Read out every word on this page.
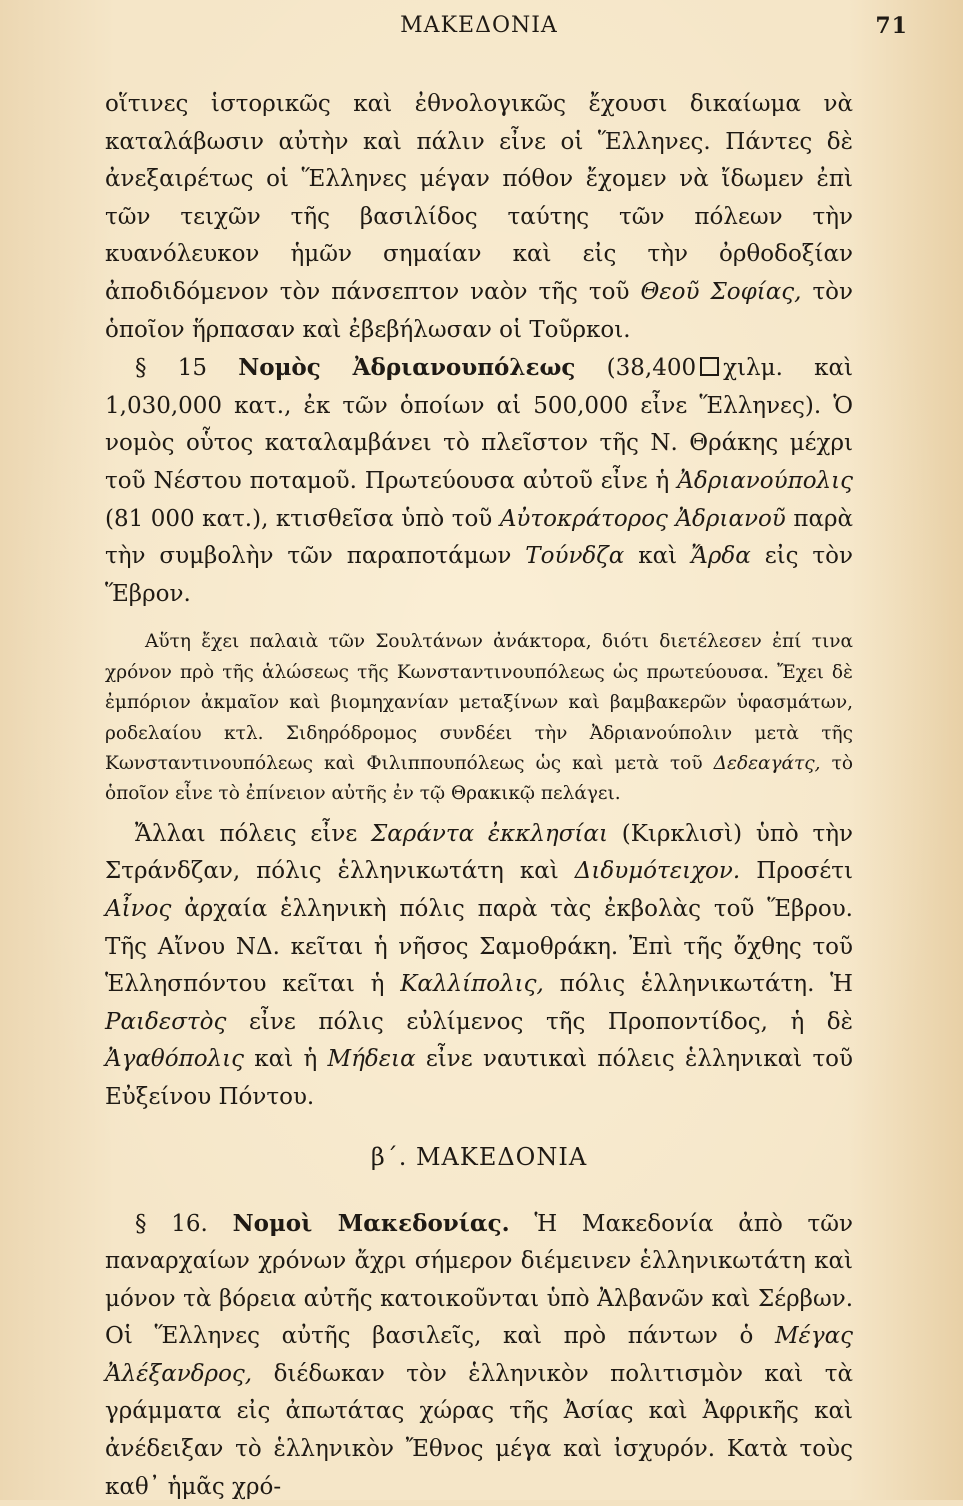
ΜΑΚΕΔΟΝΙΑ	71

οἵτινες ἱστορικῶς καὶ ἐθνολογικῶς ἔχουσι δικαίωμα νὰ καταλάβωσιν αὐτὴν καὶ πάλιν εἶνε οἱ Ἕλληνες. Πάντες δὲ ἀνεξαιρέτως οἱ Ἕλληνες μέγαν πόθον ἔχομεν νὰ ἴδωμεν ἐπὶ τῶν τειχῶν τῆς βασιλίδος ταύτης τῶν πόλεων τὴν κυανόλευκον ἡμῶν σημαίαν καὶ εἰς τὴν ὀρθοδοξίαν ἀποδιδόμενον τὸν πάνσεπτον ναὸν τῆς τοῦ Θεοῦ Σοφίας, τὸν ὁποῖον ἥρπασαν καὶ ἐβεβήλωσαν οἱ Τοῦρκοι.

§ 15 Νομὸς Ἀδριανουπόλεως (38,400 χιλμ. καὶ 1,030,000 κατ., ἐκ τῶν ὁποίων αἱ 500,000 εἶνε Ἕλληνες). Ὁ νομὸς οὗτος καταλαμβάνει τὸ πλεῖστον τῆς Ν. Θράκης μέχρι τοῦ Νέστου ποταμοῦ. Πρωτεύουσα αὐτοῦ εἶνε ἡ Ἀδριανούπολις (81 000 κατ.), κτισθεῖσα ὑπὸ τοῦ Αὐτοκράτορος Ἀδριανοῦ παρὰ τὴν συμβολὴν τῶν παραποτάμων Τούνδζα καὶ Ἄρδα εἰς τὸν Ἕβρον.

Αὕτη ἔχει παλαιὰ τῶν Σουλτάνων ἀνάκτορα, διότι διετέλεσεν ἐπί τινα χρόνον πρὸ τῆς ἁλώσεως τῆς Κωνσταντινουπόλεως ὡς πρωτεύουσα. Ἔχει δὲ ἐμπόριον ἀκμαῖον καὶ βιομηχανίαν μεταξίνων καὶ βαμβακερῶν ὑφασμάτων, ροδελαίου κτλ. Σιδηρόδρομος συνδέει τὴν Ἀδριανούπολιν μετὰ τῆς Κωνσταντινουπόλεως καὶ Φιλιππουπόλεως ὡς καὶ μετὰ τοῦ Δεδεαγάτς, τὸ ὁποῖον εἶνε τὸ ἐπίνειον αὐτῆς ἐν τῷ Θρακικῷ πελάγει.

Ἄλλαι πόλεις εἶνε Σαράντα ἐκκλησίαι (Κιρκλισὶ) ὑπὸ τὴν Στράνδζαν, πόλις ἑλληνικωτάτη καὶ Διδυμότειχον. Προσέτι Αἶνος ἀρχαία ἑλληνικὴ πόλις παρὰ τὰς ἐκβολὰς τοῦ Ἕβρου. Τῆς Αἴνου ΝΔ. κεῖται ἡ νῆσος Σαμοθράκη. Ἐπὶ τῆς ὄχθης τοῦ Ἑλλησπόντου κεῖται ἡ Καλλίπολις, πόλις ἑλληνικωτάτη. Ἡ Ραιδεστὸς εἶνε πόλις εὐλίμενος τῆς Προποντίδος, ἡ δὲ Ἀγαθόπολις καὶ ἡ Μήδεια εἶνε ναυτικαὶ πόλεις ἑλληνικαὶ τοῦ Εὐξείνου Πόντου.

β΄. ΜΑΚΕΔΟΝΙΑ

§ 16. Νομοὶ Μακεδονίας. Ἡ Μακεδονία ἀπὸ τῶν παναρχαίων χρόνων ἄχρι σήμερον διέμεινεν ἑλληνικωτάτη καὶ μόνον τὰ βόρεια αὐτῆς κατοικοῦνται ὑπὸ Ἀλβανῶν καὶ Σέρβων. Οἱ Ἕλληνες αὐτῆς βασιλεῖς, καὶ πρὸ πάντων ὁ Μέγας Ἀλέξανδρος, διέδωκαν τὸν ἑλληνικὸν πολιτισμὸν καὶ τὰ γράμματα εἰς ἀπωτάτας χώρας τῆς Ἀσίας καὶ Ἀφρικῆς καὶ ἀνέδειξαν τὸ ἑλληνικὸν Ἔθνος μέγα καὶ ἰσχυρόν. Κατὰ τοὺς καθ᾽ ἡμᾶς χρό-
